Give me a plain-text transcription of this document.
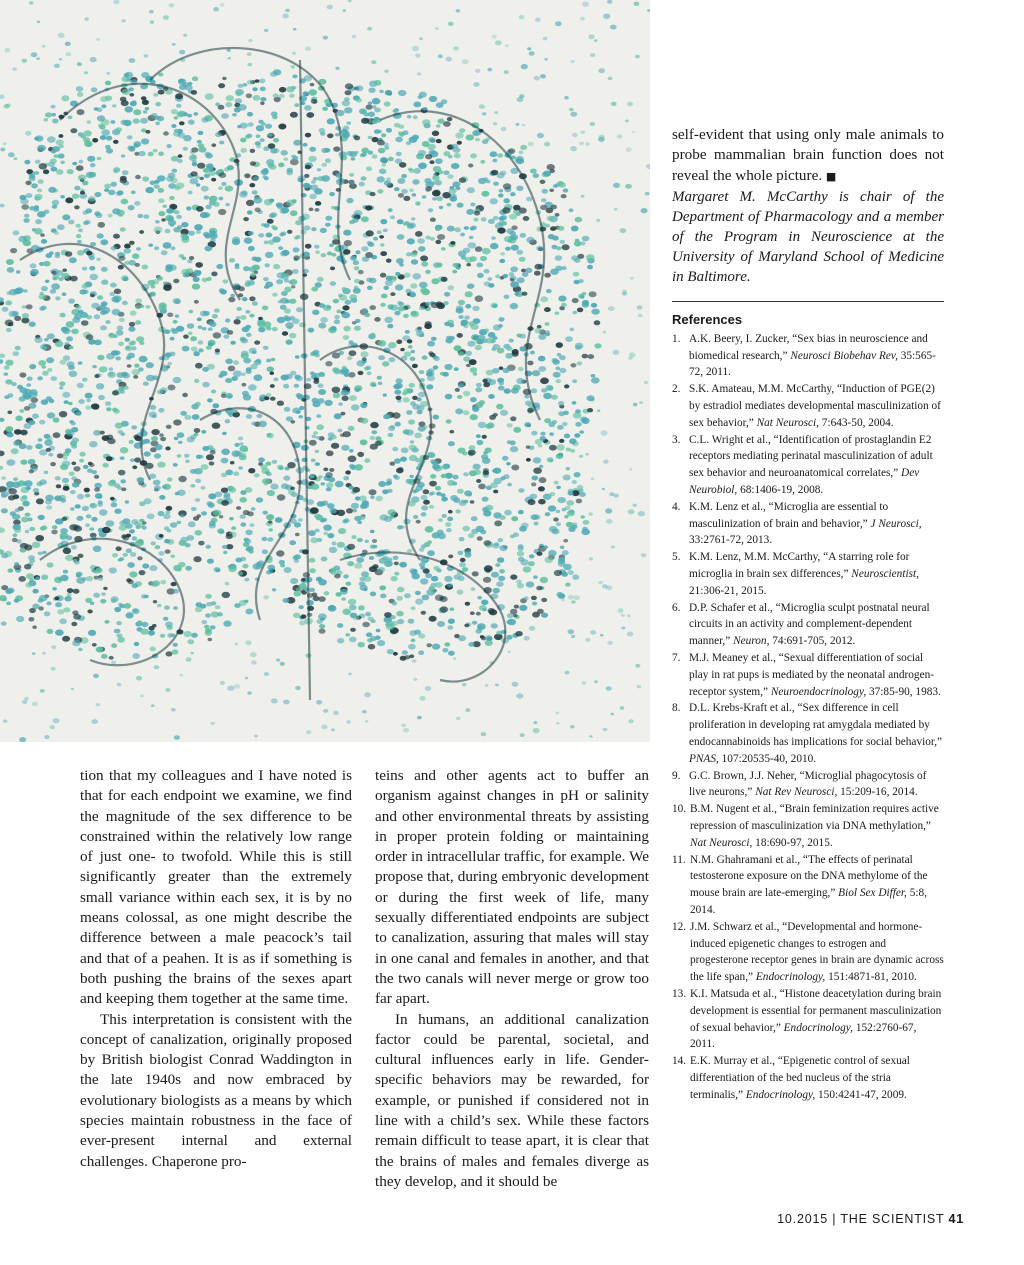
tion that my colleagues and I have noted is that for each endpoint we examine, we find the magnitude of the sex difference to be constrained within the relatively low range of just one- to twofold. While this is still significantly greater than the extremely small variance within each sex, it is by no means colossal, as one might describe the difference between a male peacock’s tail and that of a peahen. It is as if something is both pushing the brains of the sexes apart and keeping them together at the same time.

This interpretation is consistent with the concept of canalization, originally proposed by British biologist Conrad Waddington in the late 1940s and now embraced by evolutionary biologists as a means by which species maintain robustness in the face of ever-present internal and external challenges. Chaperone pro-

teins and other agents act to buffer an organism against changes in pH or salinity and other environmental threats by assisting in proper protein folding or maintaining order in intracellular traffic, for example. We propose that, during embryonic development or during the first week of life, many sexually differentiated endpoints are subject to canalization, assuring that males will stay in one canal and females in another, and that the two canals will never merge or grow too far apart.

In humans, an additional canalization factor could be parental, societal, and cultural influences early in life. Gender-specific behaviors may be rewarded, for example, or punished if considered not in line with a child’s sex. While these factors remain difficult to tease apart, it is clear that the brains of males and females diverge as they develop, and it should be

self-evident that using only male animals to probe mammalian brain function does not reveal the whole picture. ■

Margaret M. McCarthy is chair of the Department of Pharmacology and a member of the Program in Neuroscience at the University of Maryland School of Medicine in Baltimore.

References
1. A.K. Beery, I. Zucker, “Sex bias in neuroscience and biomedical research,” Neurosci Biobehav Rev, 35:565-72, 2011.
2. S.K. Amateau, M.M. McCarthy, “Induction of PGE(2) by estradiol mediates developmental masculinization of sex behavior,” Nat Neurosci, 7:643-50, 2004.
3. C.L. Wright et al., “Identification of prostaglandin E2 receptors mediating perinatal masculinization of adult sex behavior and neuroanatomical correlates,” Dev Neurobiol, 68:1406-19, 2008.
4. K.M. Lenz et al., “Microglia are essential to masculinization of brain and behavior,” J Neurosci, 33:2761-72, 2013.
5. K.M. Lenz, M.M. McCarthy, “A starring role for microglia in brain sex differences,” Neuroscientist, 21:306-21, 2015.
6. D.P. Schafer et al., “Microglia sculpt postnatal neural circuits in an activity and complement-dependent manner,” Neuron, 74:691-705, 2012.
7. M.J. Meaney et al., “Sexual differentiation of social play in rat pups is mediated by the neonatal androgen-receptor system,” Neuroendocrinology, 37:85-90, 1983.
8. D.L. Krebs-Kraft et al., “Sex difference in cell proliferation in developing rat amygdala mediated by endocannabinoids has implications for social behavior,” PNAS, 107:20535-40, 2010.
9. G.C. Brown, J.J. Neher, “Microglial phagocytosis of live neurons,” Nat Rev Neurosci, 15:209-16, 2014.
10. B.M. Nugent et al., “Brain feminization requires active repression of masculinization via DNA methylation,” Nat Neurosci, 18:690-97, 2015.
11. N.M. Ghahramani et al., “The effects of perinatal testosterone exposure on the DNA methylome of the mouse brain are late-emerging,” Biol Sex Differ, 5:8, 2014.
12. J.M. Schwarz et al., “Developmental and hormone-induced epigenetic changes to estrogen and progesterone receptor genes in brain are dynamic across the life span,” Endocrinology, 151:4871-81, 2010.
13. K.I. Matsuda et al., “Histone deacetylation during brain development is essential for permanent masculinization of sexual behavior,” Endocrinology, 152:2760-67, 2011.
14. E.K. Murray et al., “Epigenetic control of sexual differentiation of the bed nucleus of the stria terminalis,” Endocrinology, 150:4241-47, 2009.
10.2015 | THE SCIENTIST 41
